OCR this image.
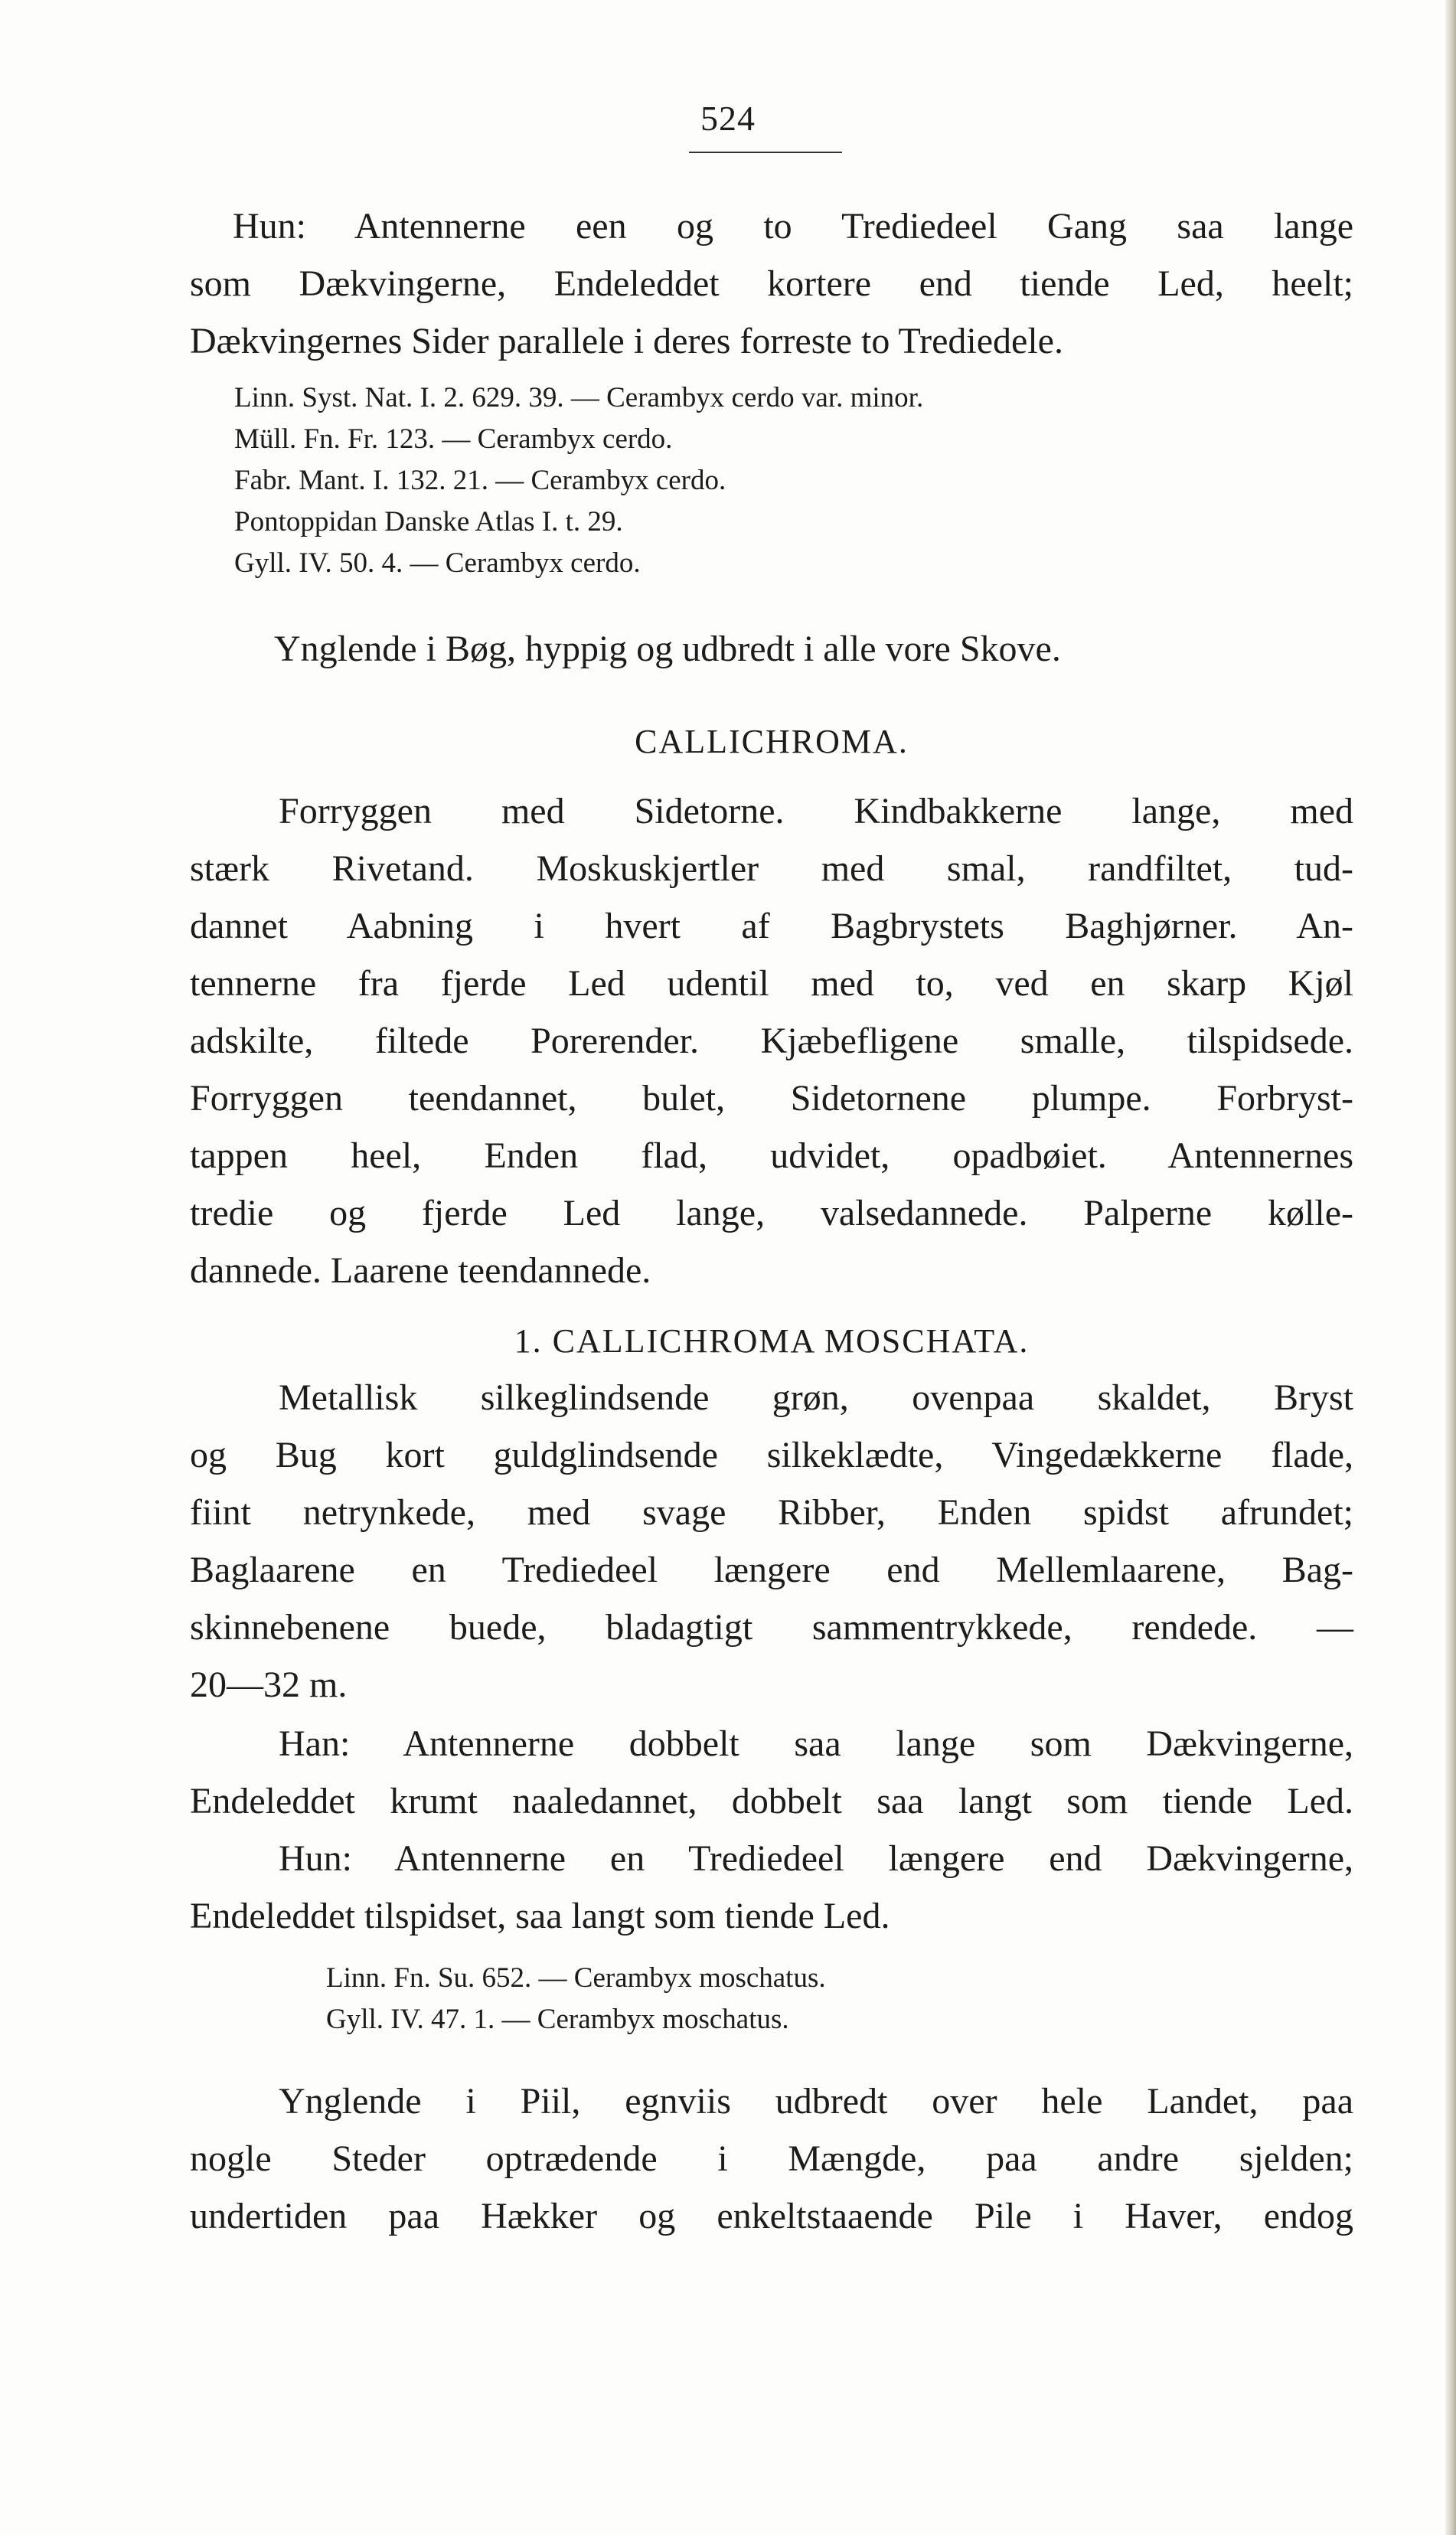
524

Hun: Antennerne een og to Trediedeel Gang saa lange
som Dækvingerne, Endeleddet kortere end tiende Led, heelt;
Dækvingernes Sider parallele i deres forreste to Trediedele.

Linn. Syst. Nat. I. 2. 629. 39. — Cerambyx cerdo var. minor.
Müll. Fn. Fr. 123. — Cerambyx cerdo.
Fabr. Mant. I. 132. 21. — Cerambyx cerdo.
Pontoppidan Danske Atlas I. t. 29.
Gyll. IV. 50. 4. — Cerambyx cerdo.

Ynglende i Bøg, hyppig og udbredt i alle vore Skove.

CALLICHROMA.

Forryggen med Sidetorne. Kindbakkerne lange, med
stærk Rivetand. Moskuskjertler med smal, randfiltet, tud-
dannet Aabning i hvert af Bagbrystets Baghjørner. An-
tennerne fra fjerde Led udentil med to, ved en skarp Kjøl
adskilte, filtede Porerender. Kjæbefligene smalle, tilspidsede.
Forryggen teendannet, bulet, Sidetornene plumpe. Forbryst-
tappen heel, Enden flad, udvidet, opadbøiet. Antennernes
tredie og fjerde Led lange, valsedannede. Palperne kølle-
dannede. Laarene teendannede.

1. CALLICHROMA MOSCHATA.

Metallisk silkeglindsende grøn, ovenpaa skaldet, Bryst
og Bug kort guldglindsende silkeklædte, Vingedækkerne flade,
fiint netrynkede, med svage Ribber, Enden spidst afrundet;
Baglaarene en Trediedeel længere end Mellemlaarene, Bag-
skinnebenene buede, bladagtigt sammentrykkede, rendede. —
20—32 m.

Han: Antennerne dobbelt saa lange som Dækvingerne,
Endeleddet krumt naaledannet, dobbelt saa langt som tiende Led.

Hun: Antennerne en Trediedeel længere end Dækvingerne,
Endeleddet tilspidset, saa langt som tiende Led.

Linn. Fn. Su. 652. — Cerambyx moschatus.
Gyll. IV. 47. 1. — Cerambyx moschatus.

Ynglende i Piil, egnviis udbredt over hele Landet, paa
nogle Steder optrædende i Mængde, paa andre sjelden;
undertiden paa Hækker og enkeltstaaende Pile i Haver, endog
